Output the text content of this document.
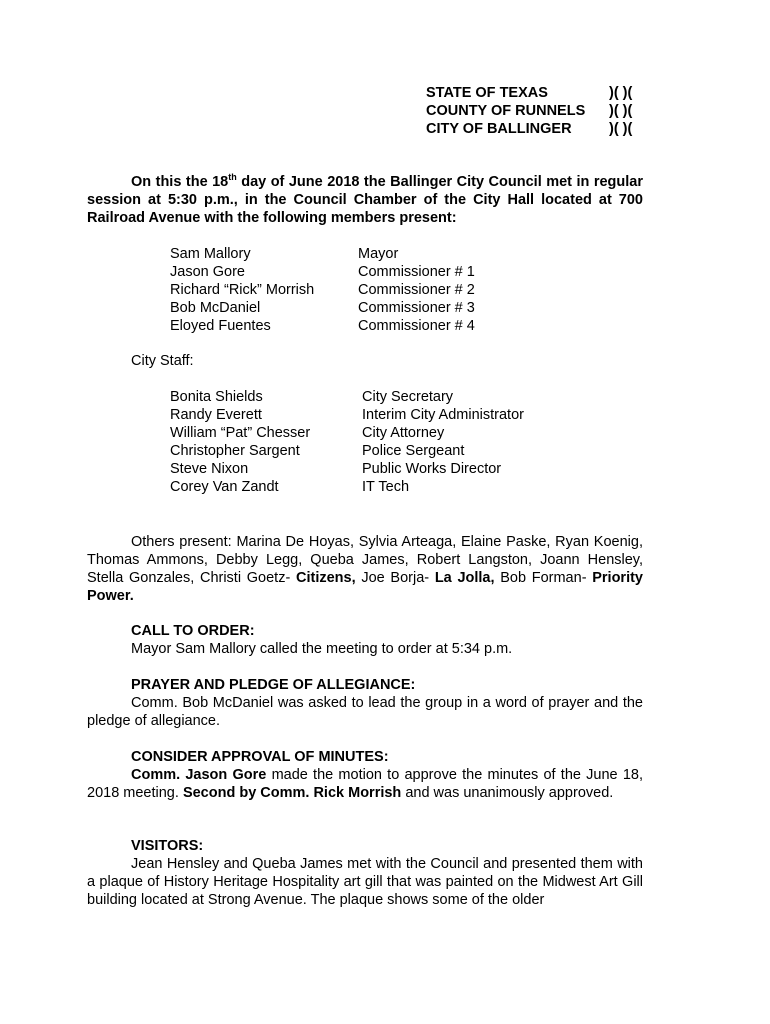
STATE OF TEXAS	)( )(
COUNTY OF RUNNELS	)( )(
CITY OF BALLINGER	)( )(
On this the 18th day of June 2018 the Ballinger City Council met in regular session at 5:30 p.m., in the Council Chamber of the City Hall located at 700 Railroad Avenue with the following members present:
Sam Mallory	Mayor
Jason Gore	Commissioner # 1
Richard “Rick” Morrish	Commissioner # 2
Bob McDaniel	Commissioner # 3
Eloyed Fuentes	Commissioner # 4
City Staff:
Bonita Shields	City Secretary
Randy Everett	Interim City Administrator
William “Pat” Chesser	City Attorney
Christopher Sargent	Police Sergeant
Steve Nixon	Public Works Director
Corey Van Zandt	IT Tech
Others present: Marina De Hoyas, Sylvia Arteaga, Elaine Paske, Ryan Koenig, Thomas Ammons, Debby Legg, Queba James, Robert Langston, Joann Hensley, Stella Gonzales, Christi Goetz- Citizens, Joe Borja- La Jolla, Bob Forman- Priority Power.
CALL TO ORDER:
Mayor Sam Mallory called the meeting to order at 5:34 p.m.
PRAYER AND PLEDGE OF ALLEGIANCE:
Comm. Bob McDaniel was asked to lead the group in a word of prayer and the pledge of allegiance.
CONSIDER APPROVAL OF MINUTES:
Comm. Jason Gore made the motion to approve the minutes of the June 18, 2018 meeting. Second by Comm. Rick Morrish and was unanimously approved.
VISITORS:
Jean Hensley and Queba James met with the Council and presented them with a plaque of History Heritage Hospitality art gill that was painted on the Midwest Art Gill building located at Strong Avenue. The plaque shows some of the older
